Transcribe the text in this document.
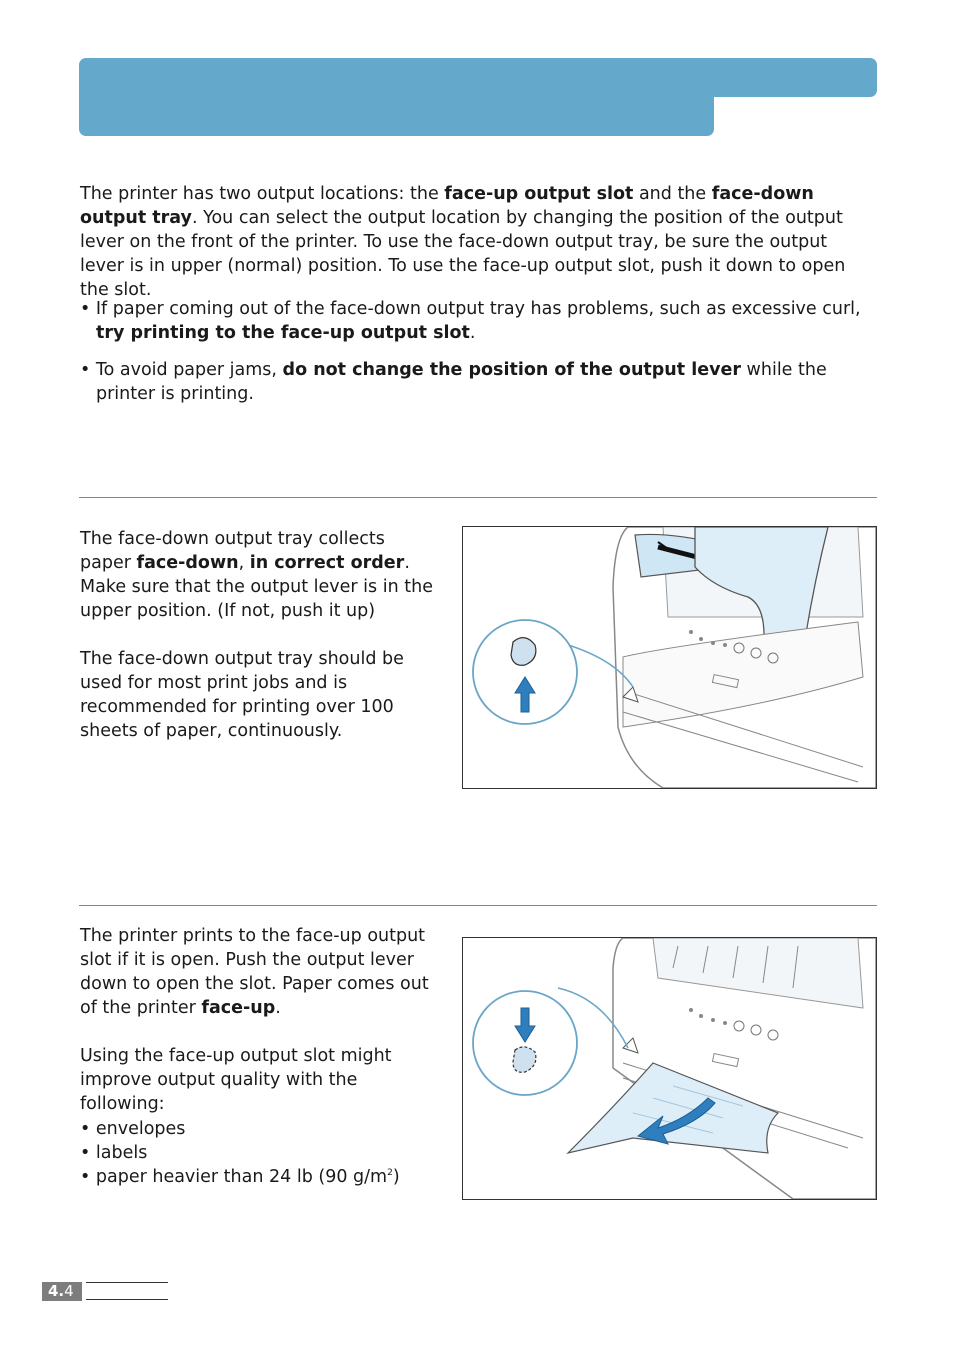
The printer has two output locations: the face-up output slot and the face-down output tray. You can select the output location by changing the position of the output lever on the front of the printer. To use the face-down output tray, be sure the output lever is in upper (normal) position. To use the face-up output slot, push it down to open the slot.

• If paper coming out of the face-down output tray has problems, such as excessive curl, try printing to the face-up output slot.
• To avoid paper jams, do not change the position of the output lever while the printer is printing.

The face-down output tray collects paper face-down, in correct order. Make sure that the output lever is in the upper position. (If not, push it up)

The face-down output tray should be used for most print jobs and is recommended for printing over 100 sheets of paper, continuously.

The printer prints to the face-up output slot if it is open. Push the output lever down to open the slot. Paper comes out of the printer face-up.

Using the face-up output slot might improve output quality with the following:

• envelopes

• labels

• paper heavier than 24 lb (90 $g/m^2$)

4.4
